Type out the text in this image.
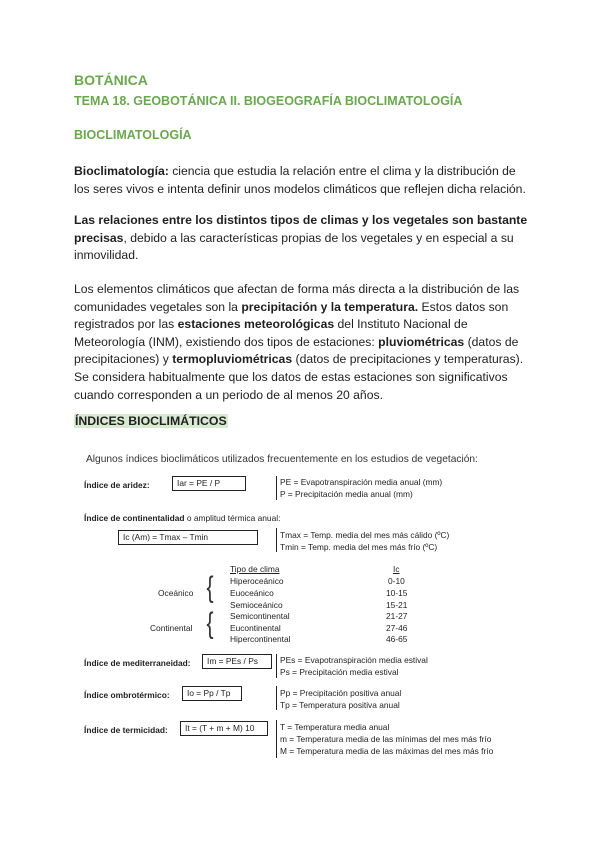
BOTÁNICA
TEMA 18. GEOBOTÁNICA II. BIOGEOGRAFÍA BIOCLIMATOLOGÍA
BIOCLIMATOLOGÍA

Bioclimatología: ciencia que estudia la relación entre el clima y la distribución de los seres vivos e intenta definir unos modelos climáticos que reflejen dicha relación.

Las relaciones entre los distintos tipos de climas y los vegetales son bastante precisas, debido a las características propias de los vegetales y en especial a su inmovilidad.

Los elementos climáticos que afectan de forma más directa a la distribución de las comunidades vegetales son la precipitación y la temperatura. Estos datos son registrados por las estaciones meteorológicas del Instituto Nacional de Meteorología (INM), existiendo dos tipos de estaciones: pluviométricas (datos de precipitaciones) y termopluviométricas (datos de precipitaciones y temperaturas). Se considera habitualmente que los datos de estas estaciones son significativos cuando corresponden a un periodo de al menos 20 años.

ÍNDICES BIOCLIMÁTICOS
Algunos índices bioclimáticos utilizados frecuentemente en los estudios de vegetación:
Índice de aridez:	Iar = PE / P	PE = Evapotranspiración media anual (mm)
P = Precipitación media anual (mm)
Índice de continentalidad o amplitud térmica anual:
Ic (Am) = Tmax – Tmin	Tmax = Temp. media del mes más cálido (ºC)
Tmin = Temp. media del mes más frío (ºC)
Tipo de clima	Ic
Oceánico {
Continental {
Hiperoceánico	0-10
Euoceánico	10-15
Semioceánico	15-21
Semicontinental	21-27
Eucontinental	27-46
Hipercontinental	46-65
Índice de mediterraneidad:	Im = PEs / Ps	PEs = Evapotranspiración media estival
Ps = Precipitación media estival
Índice ombrotérmico:	Io = Pp / Tp	Pp = Precipitación positiva anual
Tp = Temperatura positiva anual
Índice de termicidad:	It = (T + m + M) 10	T = Temperatura media anual
m = Temperatura media de las mínimas del mes más frío
M = Temperatura media de las máximas del mes más frío
